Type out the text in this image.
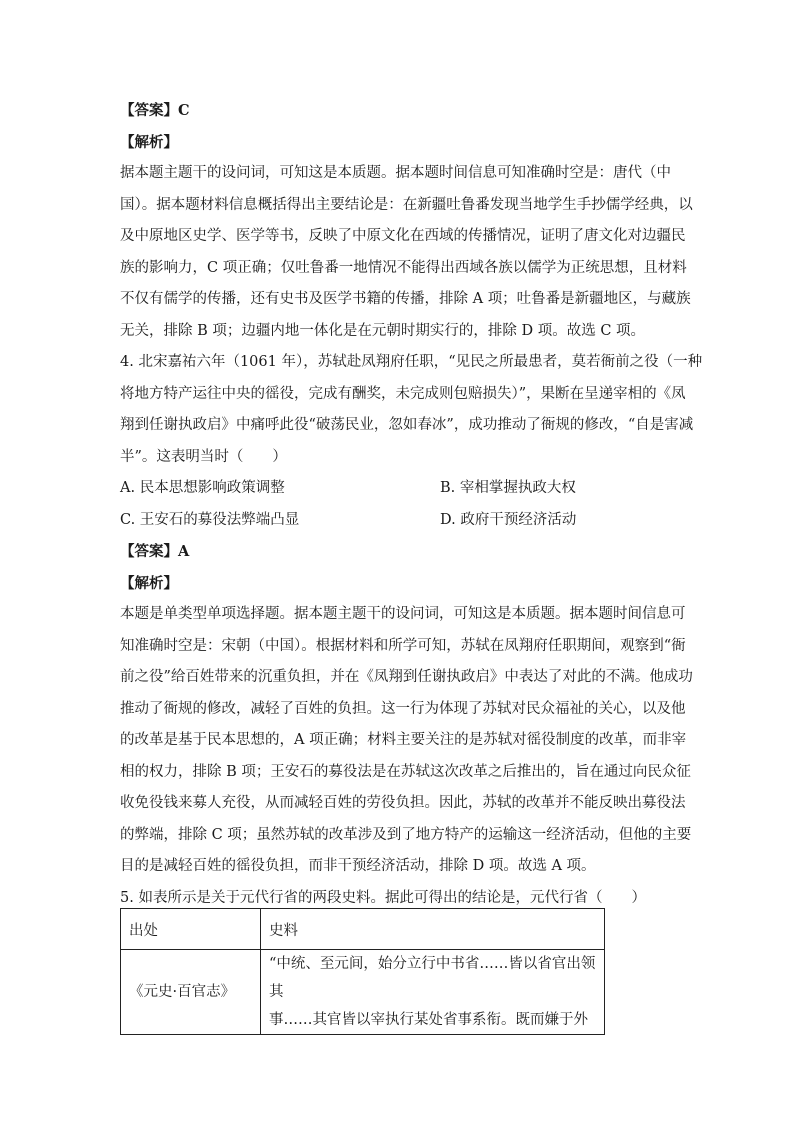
【答案】C
【解析】
据本题主题干的设问词，可知这是本质题。据本题时间信息可知准确时空是：唐代（中
国）。据本题材料信息概括得出主要结论是：在新疆吐鲁番发现当地学生手抄儒学经典，以
及中原地区史学、医学等书，反映了中原文化在西域的传播情况，证明了唐文化对边疆民
族的影响力，C 项正确；仅吐鲁番一地情况不能得出西域各族以儒学为正统思想，且材料
不仅有儒学的传播，还有史书及医学书籍的传播，排除 A 项；吐鲁番是新疆地区，与藏族
无关，排除 B 项；边疆内地一体化是在元朝时期实行的，排除 D 项。故选 C 项。
4. 北宋嘉祐六年（1061 年），苏轼赴凤翔府任职，“见民之所最患者，莫若衙前之役（一种
将地方特产运往中央的徭役，完成有酬奖，未完成则包赔损失）”，果断在呈递宰相的《凤
翔到任谢执政启》中痛呼此役“破荡民业，忽如春冰”，成功推动了衙规的修改，“自是害减
半”。这表明当时（　　）
A. 民本思想影响政策调整	B. 宰相掌握执政大权
C. 王安石的募役法弊端凸显	D. 政府干预经济活动
【答案】A
【解析】
本题是单类型单项选择题。据本题主题干的设问词，可知这是本质题。据本题时间信息可
知准确时空是：宋朝（中国）。根据材料和所学可知，苏轼在凤翔府任职期间，观察到“衙
前之役”给百姓带来的沉重负担，并在《凤翔到任谢执政启》中表达了对此的不满。他成功
推动了衙规的修改，减轻了百姓的负担。这一行为体现了苏轼对民众福祉的关心，以及他
的改革是基于民本思想的，A 项正确；材料主要关注的是苏轼对徭役制度的改革，而非宰
相的权力，排除 B 项；王安石的募役法是在苏轼这次改革之后推出的，旨在通过向民众征
收免役钱来募人充役，从而减轻百姓的劳役负担。因此，苏轼的改革并不能反映出募役法
的弊端，排除 C 项；虽然苏轼的改革涉及到了地方特产的运输这一经济活动，但他的主要
目的是减轻百姓的徭役负担，而非干预经济活动，排除 D 项。故选 A 项。
5. 如表所示是关于元代行省的两段史料。据此可得出的结论是，元代行省（　　）
出处	史料
《元史·百官志》	“中统、至元间，始分立行中书省……皆以省官出领其
事……其官皆以宰执行某处省事系衔。既而嫌于外
